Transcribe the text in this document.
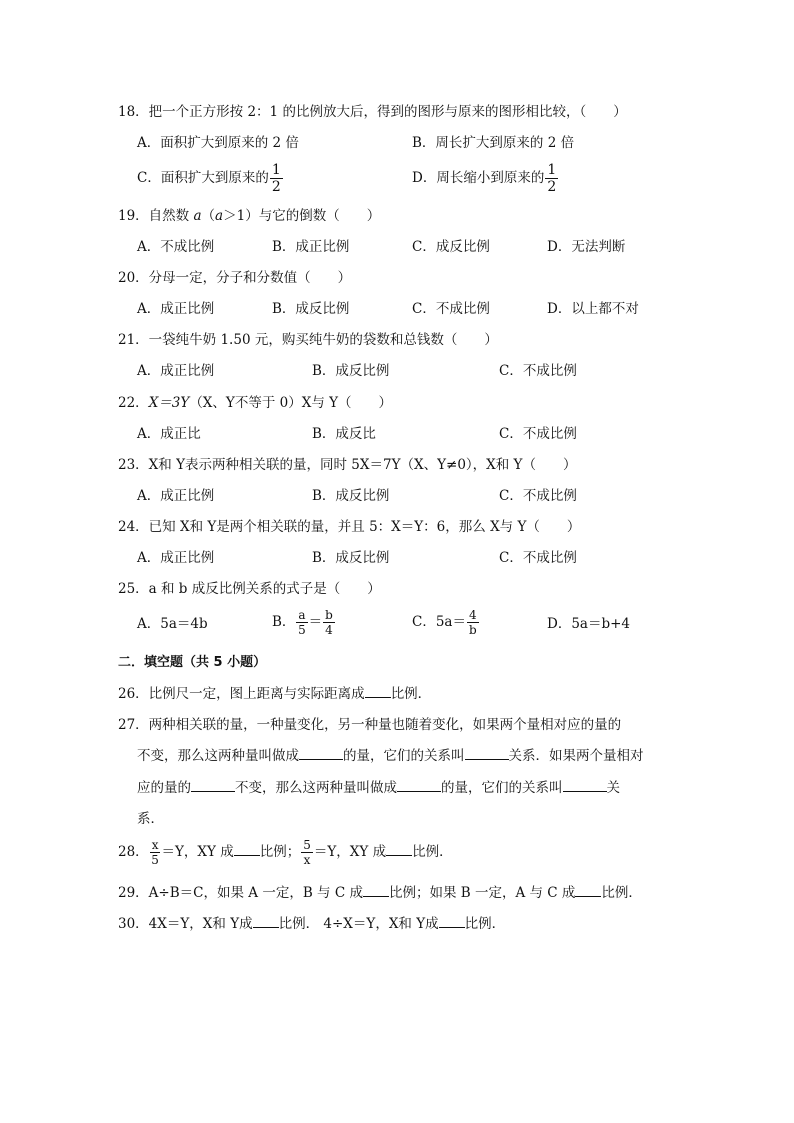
18．把一个正方形按 2：1 的比例放大后，得到的图形与原来的图形相比较，（　　）
A．面积扩大到原来的 2 倍	B．周长扩大到原来的 2 倍
C．面积扩大到原来的 $\frac{1}{2}$	D．周长缩小到原来的 $\frac{1}{2}$
19．自然数 a（a＞1）与它的倒数（　　）
A．不成比例	B．成正比例	C．成反比例	D．无法判断
20．分母一定，分子和分数值（　　）
A．成正比例	B．成反比例	C．不成比例	D．以上都不对
21．一袋纯牛奶 1.50 元，购买纯牛奶的袋数和总钱数（　　）
A．成正比例	B．成反比例	C．不成比例
22．X＝3Y（X、Y不等于 0）X与 Y（　　）
A．成正比	B．成反比	C．不成比例
23．X和 Y表示两种相关联的量，同时 5X＝7Y（X、Y≠0），X和 Y（　　）
A．成正比例	B．成反比例	C．不成比例
24．已知 X和 Y是两个相关联的量，并且 5：X＝Y：6，那么 X与 Y（　　）
A．成正比例	B．成反比例	C．不成比例
25．a 和 b 成反比例关系的式子是（　　）
A．5a＝4b	B． $\frac{a}{5} = \frac{b}{4}$	C．$5a= \frac{4}{b}$	D．5a＝b+4
二．填空题（共 5 小题）
26．比例尺一定，图上距离与实际距离成 比例．
27．两种相关联的量，一种量变化，另一种量也随着变化，如果两个量相对应的量的
不变，那么这两种量叫做成	的量，它们的关系叫	关系．如果两个量相对
应的量的	不变，那么这两种量叫做成	的量，它们的关系叫	关
系．
28． $\frac{x}{5} =Y$，XY 成 比例； $\frac{5}{x} =Y$，XY 成 比例．
29．A÷B＝C，如果 A 一定，B 与 C 成 比例；如果 B 一定，A 与 C 成 比例．
30．4X＝Y，X和 Y成 比例． 4÷X＝Y，X和 Y成 比例．
